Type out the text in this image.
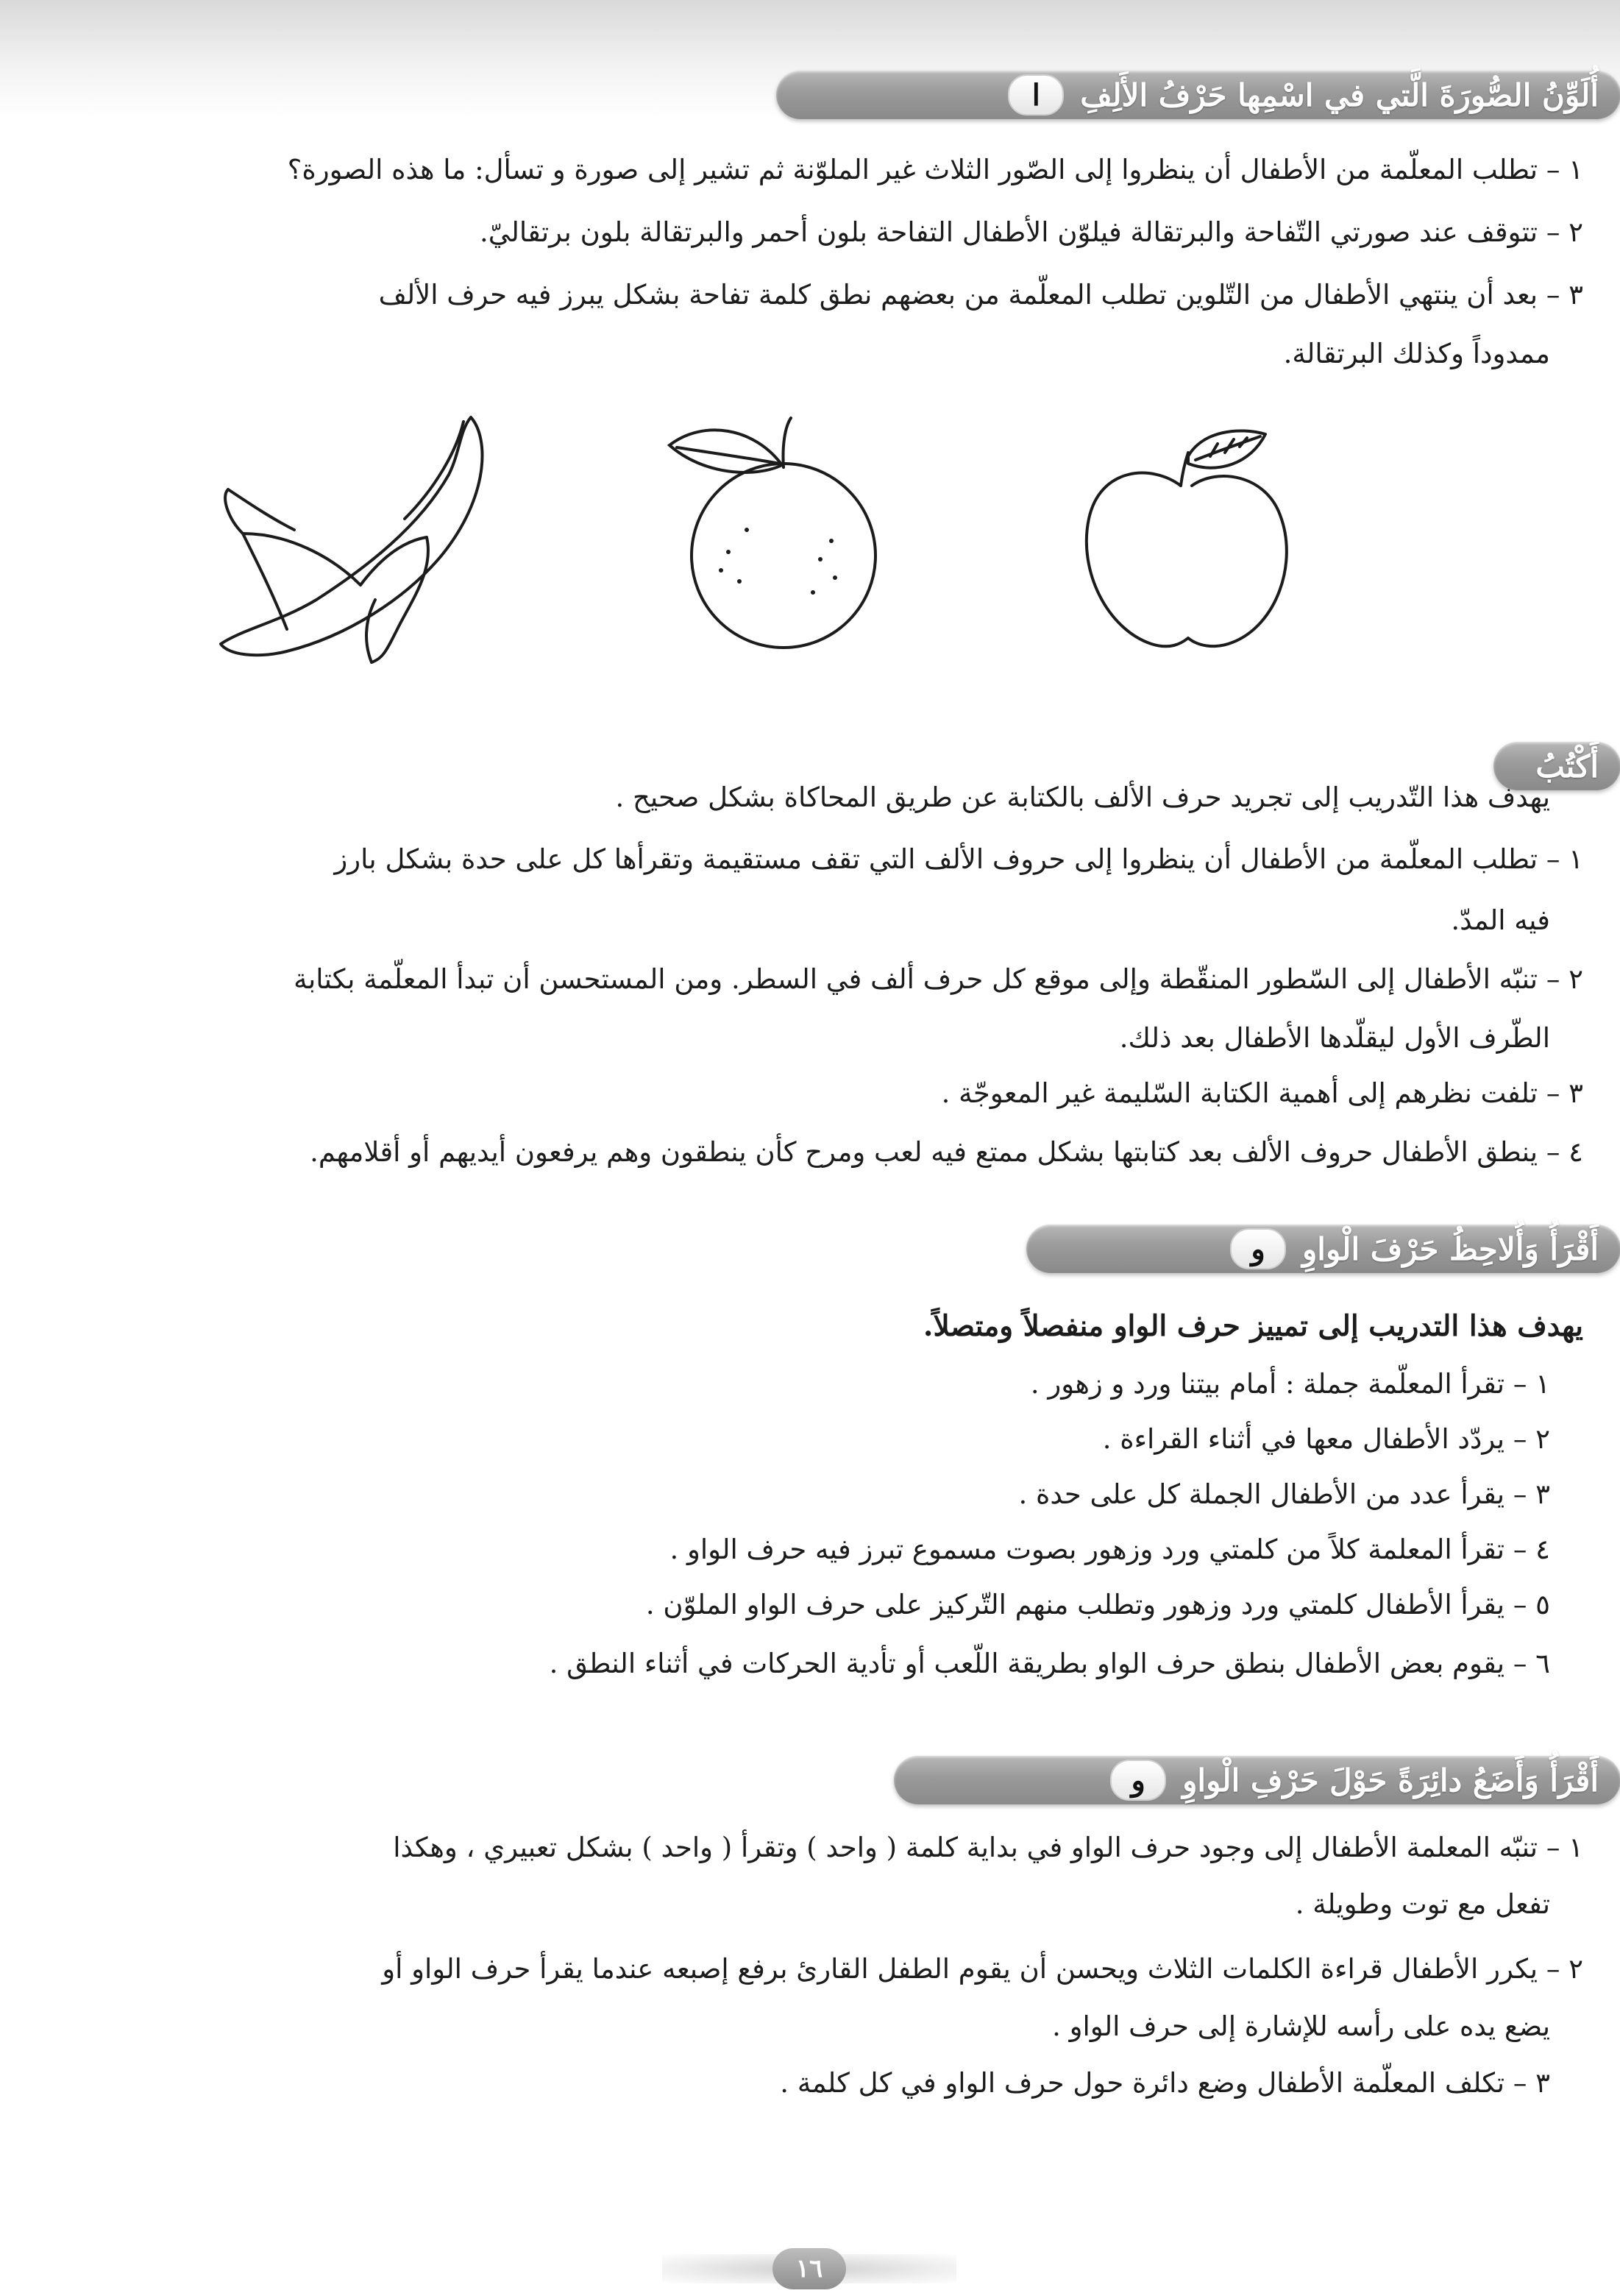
أُلَوِّنُ الصُّورَةَ الَّتي في اسْمِها حَرْفُ الأَلِفِ
ا
١ – تطلب المعلّمة من الأطفال أن ينظروا إلى الصّور الثلاث غير الملوّنة ثم تشير إلى صورة و تسأل: ما هذه الصورة؟
٢ – تتوقف عند صورتي التّفاحة والبرتقالة فيلوّن الأطفال التفاحة بلون أحمر والبرتقالة بلون برتقاليّ.
٣ – بعد أن ينتهي الأطفال من التّلوين تطلب المعلّمة من بعضهم نطق كلمة تفاحة بشكل يبرز فيه حرف الألف
ممدوداً وكذلك البرتقالة.
أَكْتُبُ
يهدف هذا التّدريب إلى تجريد حرف الألف بالكتابة عن طريق المحاكاة بشكل صحيح .
١ – تطلب المعلّمة من الأطفال أن ينظروا إلى حروف الألف التي تقف مستقيمة وتقرأها كل على حدة بشكل بارز
فيه المدّ.
٢ – تنبّه الأطفال إلى السّطور المنقّطة وإلى موقع كل حرف ألف في السطر. ومن المستحسن أن تبدأ المعلّمة بكتابة
الطّرف الأول ليقلّدها الأطفال بعد ذلك.
٣ – تلفت نظرهم إلى أهمية الكتابة السّليمة غير المعوجّة .
٤ – ينطق الأطفال حروف الألف بعد كتابتها بشكل ممتع فيه لعب ومرح كأن ينطقون وهم يرفعون أيديهم أو أقلامهم.
أَقْرَأُ وَأُلاحِظُ حَرْفَ الْواوِ
و
يهدف هذا التدريب إلى تمييز حرف الواو منفصلاً ومتصلاً.
١ – تقرأ المعلّمة جملة : أمام بيتنا ورد و زهور .
٢ – يردّد الأطفال معها في أثناء القراءة .
٣ – يقرأ عدد من الأطفال الجملة كل على حدة .
٤ – تقرأ المعلمة كلاً من كلمتي ورد وزهور بصوت مسموع تبرز فيه حرف الواو .
٥ – يقرأ الأطفال كلمتي ورد وزهور وتطلب منهم التّركيز على حرف الواو الملوّن .
٦ – يقوم بعض الأطفال بنطق حرف الواو بطريقة اللّعب أو تأدية الحركات في أثناء النطق .
أَقْرَأُ وَأَضَعُ دائِرَةً حَوْلَ حَرْفِ الْواوِ
و
١ – تنبّه المعلمة الأطفال إلى وجود حرف الواو في بداية كلمة ( واحد ) وتقرأ ( واحد ) بشكل تعبيري ، وهكذا
تفعل مع توت وطويلة .
٢ – يكرر الأطفال قراءة الكلمات الثلاث ويحسن أن يقوم الطفل القارئ برفع إصبعه عندما يقرأ حرف الواو أو
يضع يده على رأسه للإشارة إلى حرف الواو .
٣ – تكلف المعلّمة الأطفال وضع دائرة حول حرف الواو في كل كلمة .
١٦
